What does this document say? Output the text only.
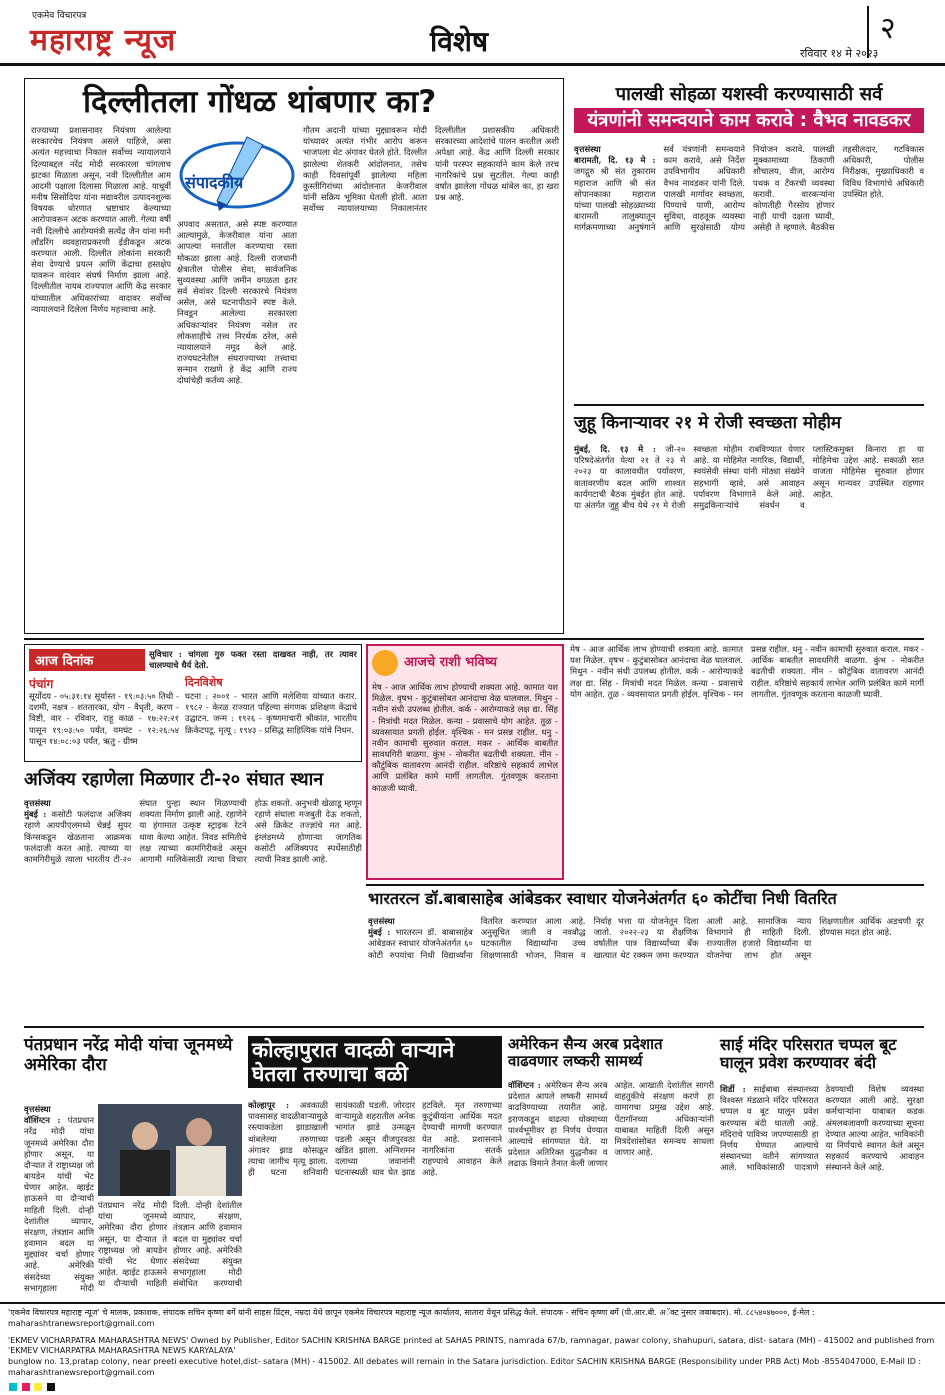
एकमेव विचारपत्र
महाराष्ट्र न्यूज	विशेष	२
रविवार १४ मे २०२३
दिल्लीतला गोंधळ थांबणार का?
संपादकीय
राज्याच्या प्रशासनावर नियंत्रण आलेल्या सरकारचेच नियंत्रण असले पाहिजे, असा अत्यंत महत्त्वाचा निकाल सर्वोच्च न्यायालयाने दिल्याबद्दल नरेंद्र मोदी सरकारला चांगलाच झटका मिळाला असून, नवी दिल्लीतील आम आदमी पक्षाला दिलासा मिळाला आहे. याचूर्वी मनीष सिसोदिया यांना मद्यावरील उत्पादनशुल्क विषयक धोरणात भ्रष्टाचार केल्याच्या आरोपावरून अटक करण्यात आली. गेल्या वर्षी नवी दिल्लीचे आरोग्यमंत्री सत्येंद्र जैन यांना मनी लाँडरिंग व्यवहाराप्रकरणी ईडीकडून अटक करण्यात आली. दिल्लीत लोकांना सरकारी सेवा देण्याचे प्रयत्न आणि केंद्राचा हस्तक्षेप यावरून वारंवार संघर्ष निर्माण झाला आहे. दिल्लीतील नायब राज्यपाल आणि केंद्र सरकार यांच्यातील अधिकारांच्या वादावर सर्वोच्च न्यायालयाने दिलेला निर्णय महत्त्वाचा आहे.
अपवाद असतात, असे स्पष्ट करण्यात आल्यामुळे, केजरीवाल यांना आता आपल्या मनातील करण्याचा रस्ता मोकळा झाला आहे. दिल्ली राजधानी क्षेत्रातील पोलीस सेवा, सार्वजनिक सुव्यवस्था आणि जमीन वगळता इतर सर्व सेवांवर दिल्ली सरकारचे नियंत्रण असेल, असे घटनापीठाने स्पष्ट केले. निवडून आलेल्या सरकारला अधिकाऱ्यांवर नियंत्रण नसेल तर लोकशाहीचे तत्त्व निरर्थक ठरेल, असे न्यायालयाने नमूद केले आहे. राज्यघटनेतील संघराज्याच्या तत्त्वाचा सन्मान राखणे हे केंद्र आणि राज्य दोघांचेही कर्तव्य आहे.
गौतम अदानी यांच्या मुद्द्यावरून मोदी यांच्यावर अत्यंत गंभीर आरोप करून भाजपला थेट अंगावर घेतले होते. दिल्लीत झालेल्या शेतकरी आंदोलनात, तसेच काही दिवसांपूर्वी झालेल्या महिला कुस्तीगिरांच्या आंदोलनात केजरीवाल यांनी सक्रिय भूमिका घेतली होती. आता सर्वोच्च न्यायालयाच्या निकालानंतर दिल्लीतील प्रशासकीय अधिकारी सरकारच्या आदेशांचे पालन करतील अशी अपेक्षा आहे. केंद्र आणि दिल्ली सरकार यांनी परस्पर सहकार्याने काम केले तरच नागरिकांचे प्रश्न सुटतील. गेल्या काही वर्षांत झालेला गोंधळ थांबेल का, हा खरा प्रश्न आहे.
पालखी सोहळा यशस्वी करण्यासाठी सर्व
यंत्रणांनी समन्वयाने काम करावे : वैभव नावडकर
वृत्तसंस्था
बारामती, दि. १३ मे : जगद्गुरु श्री संत तुकाराम महाराज आणि श्री संत सोपानकाका महाराज यांच्या पालखी सोहळ्याच्या बारामती तालुक्यातून मार्गक्रमणाच्या अनुषंगाने सर्व यंत्रणांनी समन्वयाने काम करावे, असे निर्देश उपविभागीय अधिकारी वैभव नावडकर यांनी दिले. पालखी मार्गावर स्वच्छता, पिण्याचे पाणी, आरोग्य सुविधा, वाहतूक व्यवस्था आणि सुरक्षेसाठी योग्य नियोजन करावे. पालखी मुक्कामाच्या ठिकाणी शौचालय, वीज, आरोग्य पथक व टँकरची व्यवस्था करावी. वारकऱ्यांना कोणतीही गैरसोय होणार नाही याची दक्षता घ्यावी, असेही ते म्हणाले. बैठकीस तहसीलदार, गटविकास अधिकारी, पोलीस निरीक्षक, मुख्याधिकारी व विविध विभागांचे अधिकारी उपस्थित होते.
जुहू किनाऱ्यावर २१ मे रोजी स्वच्छता मोहीम
मुंबई, दि. १३ मे : जी-२० परिषदेअंतर्गत येत्या २१ ते २३ मे २०२३ या कालावधीत पर्यावरण, वातावरणीय बदल आणि शाश्वत कार्यगटाची बैठक मुंबईत होत आहे. या अंतर्गत जुहू बीच येथे २१ मे रोजी स्वच्छता मोहीम राबविण्यात येणार आहे. या मोहिमेत नागरिक, विद्यार्थी, स्वयंसेवी संस्था यांनी मोठ्या संख्येने सहभागी व्हावे, असे आवाहन पर्यावरण विभागाने केले आहे. समुद्रकिनाऱ्यांचे संवर्धन व प्लास्टिकमुक्त किनारा हा या मोहिमेचा उद्देश आहे. सकाळी सात वाजता मोहिमेस सुरुवात होणार असून मान्यवर उपस्थित राहणार आहेत.
आज दिनांक	सुविचार : चांगला गुरु फक्त रस्ता दाखवत नाही, तर त्यावर चालण्याचे धैर्य देतो.
पंचांग
सूर्योदय - ०५:३१:१४ सूर्यास्त - १९:०३:५० तिथी - दशमी, नक्षत्र - शततारका, योग - वैधृती, करण - विष्टी, वार - रविवार, राहू काळ - १७:२२:२१ पासून १९:०३:५० पर्यंत, यमघंट - १२:२६:५४ पासून १४:०८:०३ पर्यंत, ऋतु - ग्रीष्म
दिनविशेष
घटना : २००१ - भारत आणि मलेशिया यांच्यात करार. १९८२ - केरळ राज्यात पहिल्या संगणक प्रशिक्षण केंद्राचे उद्घाटन. जन्म : १९२६ - कृष्णमाचारी श्रीकांत, भारतीय क्रिकेटपटू. मृत्यू : १९४३ - प्रसिद्ध साहित्यिक यांचे निधन.
अजिंक्य रहाणेला मिळणार टी-२० संघात स्थान
वृत्तसंस्था
मुंबई : कसोटी फलंदाज अजिंक्य रहाणे आयपीएलमध्ये चेन्नई सुपर किंग्सकडून खेळताना आक्रमक फलंदाजी करत आहे. त्याच्या या कामगिरीमुळे त्याला भारतीय टी-२० संघात पुन्हा स्थान मिळण्याची शक्यता निर्माण झाली आहे. रहाणेने या हंगामात उत्कृष्ट स्ट्राइक रेटने धावा केल्या आहेत. निवड समितीचे लक्ष त्याच्या कामगिरीकडे असून आगामी मालिकेसाठी त्याचा विचार होऊ शकतो. अनुभवी खेळाडू म्हणून रहाणे संघाला मजबुती देऊ शकतो, असे क्रिकेट तज्ज्ञांचे मत आहे. इंग्लंडमध्ये होणाऱ्या जागतिक कसोटी अजिंक्यपद स्पर्धेसाठीही त्याची निवड झाली आहे.
आजचे राशी भविष्य
मेष - आज आर्थिक लाभ होण्याची शक्यता आहे. कामात यश मिळेल. वृषभ - कुटुंबासोबत आनंदाचा वेळ घालवाल. मिथुन - नवीन संधी उपलब्ध होतील. कर्क - आरोग्याकडे लक्ष द्या. सिंह - मित्रांची मदत मिळेल. कन्या - प्रवासाचे योग आहेत. तुळ - व्यवसायात प्रगती होईल. वृश्चिक - मन प्रसन्न राहील. धनु - नवीन कामाची सुरुवात कराल. मकर - आर्थिक बाबतीत सावधगिरी बाळगा. कुंभ - नोकरीत बढतीची शक्यता. मीन - कौटुंबिक वातावरण आनंदी राहील. वरिष्ठांचे सहकार्य लाभेल आणि प्रलंबित कामे मार्गी लागतील. गुंतवणूक करताना काळजी घ्यावी.
मेष - आज आर्थिक लाभ होण्याची शक्यता आहे. कामात यश मिळेल. वृषभ - कुटुंबासोबत आनंदाचा वेळ घालवाल. मिथुन - नवीन संधी उपलब्ध होतील. कर्क - आरोग्याकडे लक्ष द्या. सिंह - मित्रांची मदत मिळेल. कन्या - प्रवासाचे योग आहेत. तुळ - व्यवसायात प्रगती होईल. वृश्चिक - मन प्रसन्न राहील. धनु - नवीन कामाची सुरुवात कराल. मकर - आर्थिक बाबतीत सावधगिरी बाळगा. कुंभ - नोकरीत बढतीची शक्यता. मीन - कौटुंबिक वातावरण आनंदी राहील. वरिष्ठांचे सहकार्य लाभेल आणि प्रलंबित कामे मार्गी लागतील. गुंतवणूक करताना काळजी घ्यावी.
भारतरत्न डॉ.बाबासाहेब आंबेडकर स्वाधार योजनेअंतर्गत ६० कोटींचा निधी वितरित
वृत्तसंस्था
मुंबई : भारतरत्न डॉ. बाबासाहेब आंबेडकर स्वाधार योजनेअंतर्गत ६० कोटी रुपयांचा निधी विद्यार्थ्यांना वितरित करण्यात आला आहे. अनुसूचित जाती व नवबौद्ध घटकातील विद्यार्थ्यांना उच्च शिक्षणासाठी भोजन, निवास व निर्वाह भत्ता या योजनेतून दिला जातो. २०२२-२३ या शैक्षणिक वर्षातील पात्र विद्यार्थ्यांच्या बँक खात्यात थेट रक्कम जमा करण्यात आली आहे. सामाजिक न्याय विभागाने ही माहिती दिली. राज्यातील हजारो विद्यार्थ्यांना या योजनेचा लाभ होत असून शिक्षणातील आर्थिक अडचणी दूर होण्यास मदत होत आहे.
पंतप्रधान नरेंद्र मोदी यांचा जूनमध्ये अमेरिका दौरा
वृत्तसंस्था
वॉशिंग्टन : पंतप्रधान नरेंद्र मोदी यांचा जूनमध्ये अमेरिका दौरा होणार असून, या दौऱ्यात ते राष्ट्राध्यक्ष जो बायडेन यांची भेट घेणार आहेत. व्हाईट हाऊसने या दौऱ्याची माहिती दिली. दोन्ही देशांतील व्यापार, संरक्षण, तंत्रज्ञान आणि हवामान बदल या मुद्द्यांवर चर्चा होणार आहे. अमेरिकी संसदेच्या संयुक्त सभागृहाला मोदी
पंतप्रधान नरेंद्र मोदी यांचा जूनमध्ये अमेरिका दौरा होणार असून, या दौऱ्यात ते राष्ट्राध्यक्ष जो बायडेन यांची भेट घेणार आहेत. व्हाईट हाऊसने या दौऱ्याची माहिती दिली. दोन्ही देशांतील व्यापार, संरक्षण, तंत्रज्ञान आणि हवामान बदल या मुद्द्यांवर चर्चा होणार आहे. अमेरिकी संसदेच्या संयुक्त सभागृहाला मोदी संबोधित करण्याची
कोल्हापुरात वादळी वाऱ्याने घेतला तरुणाचा बळी
कोल्हापूर : अवकाळी पावसासह वादळीवाऱ्यामुळे रस्त्याकडेला झाडाखाली थांबलेल्या तरुणाच्या अंगावर झाड कोसळून त्याचा जागीच मृत्यू झाला. ही घटना शनिवारी सायंकाळी घडली. जोरदार वाऱ्यामुळे शहरातील अनेक भागांत झाडे उन्मळून पडली असून वीजपुरवठा खंडित झाला. अग्निशमन दलाच्या जवानांनी घटनास्थळी धाव घेत झाड हटविले. मृत तरुणाच्या कुटुंबीयांना आर्थिक मदत देण्याची मागणी करण्यात येत आहे. प्रशासनाने नागरिकांना सतर्क राहण्याचे आवाहन केले आहे.
अमेरिकन सैन्य अरब प्रदेशात वाढवणार लष्करी सामर्थ्य
वॉशिंग्टन : अमेरिकन सैन्य अरब प्रदेशात आपले लष्करी सामर्थ्य वाढविण्याच्या तयारीत आहे. इराणकडून वाढत्या धोक्याच्या पार्श्वभूमीवर हा निर्णय घेण्यात आल्याचे सांगण्यात येते. या प्रदेशात अतिरिक्त युद्धनौका व लढाऊ विमाने तैनात केली जाणार आहेत. आखाती देशांतील सागरी वाहतुकीचे संरक्षण करणे हा यामागचा प्रमुख उद्देश आहे. पेंटागॉनच्या अधिकाऱ्यांनी याबाबत माहिती दिली असून मित्रदेशांसोबत समन्वय साधला जाणार आहे.
साई मंदिर परिसरात चप्पल बूट घालून प्रवेश करण्यावर बंदी
शिर्डी : साईबाबा संस्थानच्या विश्वस्त मंडळाने मंदिर परिसरात चप्पल व बूट घालून प्रवेश करण्यास बंदी घातली आहे. मंदिराचे पावित्र्य जपण्यासाठी हा निर्णय घेण्यात आल्याचे संस्थानच्या वतीने सांगण्यात आले. भाविकांसाठी पादत्राणे ठेवण्याची विशेष व्यवस्था करण्यात आली आहे. सुरक्षा कर्मचाऱ्यांना याबाबत कडक अंमलबजावणी करण्याच्या सूचना देण्यात आल्या आहेत. भाविकांनी या निर्णयाचे स्वागत केले असून सहकार्य करण्याचे आवाहन संस्थानने केले आहे.
'एकमेव विचारपत्र महाराष्ट्र न्यूज' चे मालक, प्रकाशक, संपादक सचिन कृष्णा बर्गे यांनी साहस प्रिंट्स, नम्रदा येथे छापून एकमेव विचारपत्र महाराष्ट्र न्यूज कार्यालय, सातारा येथून प्रसिद्ध केले. संपादक - सचिन कृष्णा बर्गे (पी.आर.बी. अॅक्ट नुसार जबाबदार). मो. ८८५४०४७०००, ई-मेल : maharashtranewsreport@gmail.com
'EKMEV VICHARPATRA MAHARASHTRA NEWS' Owned by Publisher, Editor SACHIN KRISHNA BARGE printed at SAHAS PRINTS, namrada 67/b, ramnagar, pawar colony, shahupuri, satara, dist- satara (MH) - 415002 and published from 'EKMEV VICHARPATRA MAHARASHTRA NEWS KARYALAYA'
bunglow no. 13,pratap colony, near preeti executive hotel,dist- satara (MH) - 415002. All debates will remain in the Satara jurisdiction. Editor SACHIN KRISHNA BARGE (Responsibility under PRB Act) Mob -8554047000, E-Mail ID : maharashtranewsreport@gmail.com
